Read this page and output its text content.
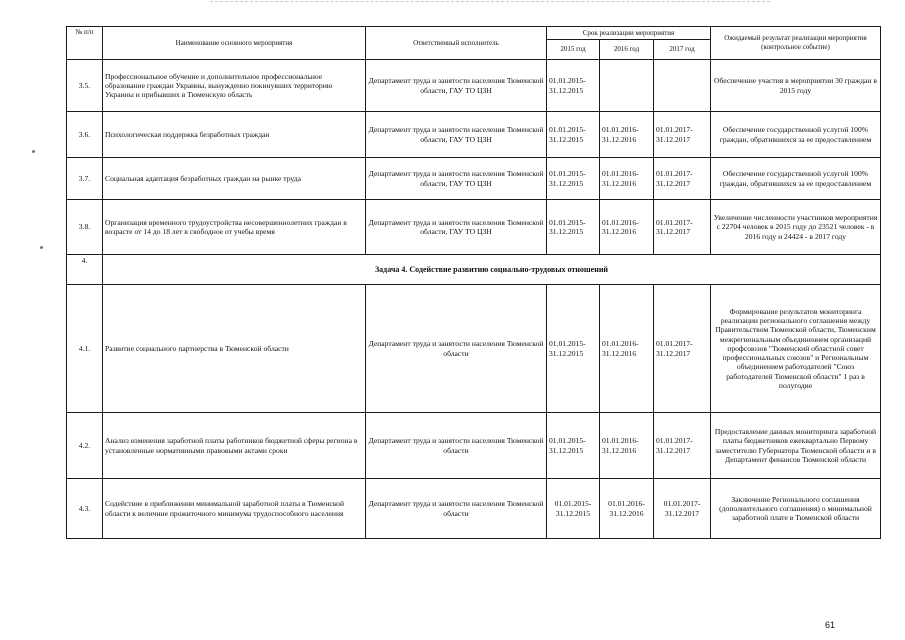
№ п/п	Наименование основного мероприятия	Ответственный исполнитель	Срок реализации мероприятия			Ожидаемый результат реализации мероприятия (контрольное событие)
			2015 год	2016 год	2017 год	
3.5.	Профессиональное обучение и дополнительное профессиональное образование граждан Украины, вынужденно покинувших территорию Украины и прибывших в Тюменскую область	Департамент труда и занятости населения Тюменской области, ГАУ ТО ЦЗН	01.01.2015-31.12.2015			Обеспечение участия в мероприятии 30 граждан в 2015 году
3.6.	Психологическая поддержка безработных граждан	Департамент труда и занятости населения Тюменской области, ГАУ ТО ЦЗН	01.01.2015-31.12.2015	01.01.2016-31.12.2016	01.01.2017-31.12.2017	Обеспечение государственной услугой 100% граждан, обратившихся за ее предоставлением
3.7.	Социальная адаптация безработных граждан на рынке труда	Департамент труда и занятости населения Тюменской области, ГАУ ТО ЦЗН	01.01.2015-31.12.2015	01.01.2016-31.12.2016	01.01.2017-31.12.2017	Обеспечение государственной услугой 100% граждан, обратившихся за ее предоставлением
3.8.	Организация временного трудоустройства несовершеннолетних граждан в возрасте от 14 до 18 лет в свободное от учебы время	Департамент труда и занятости населения Тюменской области, ГАУ ТО ЦЗН	01.01.2015-31.12.2015	01.01.2016-31.12.2016	01.01.2017-31.12.2017	Увеличение численности участников мероприятия с 22704 человек в 2015 году до 23521 человек - в 2016 году и 24424 - в 2017 году
4.	Задача 4. Содействие развитию социально-трудовых отношений					
4.1.	Развитие социального партнерства в Тюменской области	Департамент труда и занятости населения Тюменской области	01.01.2015-31.12.2015	01.01.2016-31.12.2016	01.01.2017-31.12.2017	Формирование результатов мониторинга реализации регионального соглашения между Правительством Тюменской области, Тюменским межрегиональным объединением организаций профсоюзов "Тюменский областной совет профессиональных союзов" и Региональным объединением работодателей "Союз работодателей Тюменской области" 1 раз в полугодие
4.2.	Анализ изменения заработной платы работников бюджетной сферы региона в установленные нормативными правовыми актами сроки	Департамент труда и занятости населения Тюменской области	01.01.2015-31.12.2015	01.01.2016-31.12.2016	01.01.2017-31.12.2017	Предоставление данных мониторинга заработной платы бюджетников ежеквартально Первому заместителю Губернатора Тюменской области и в Департамент финансов Тюменской области
4.3.	Содействие в приближении минимальной заработной платы в Тюменской области к величине прожиточного минимума трудоспособного населения	Департамент труда и занятости населения Тюменской области	01.01.2015-31.12.2015	01.01.2016-31.12.2016	01.01.2017-31.12.2017	Заключение Регионального соглашения (дополнительного соглашения) о минимальной заработной плате в Тюменской области
61
